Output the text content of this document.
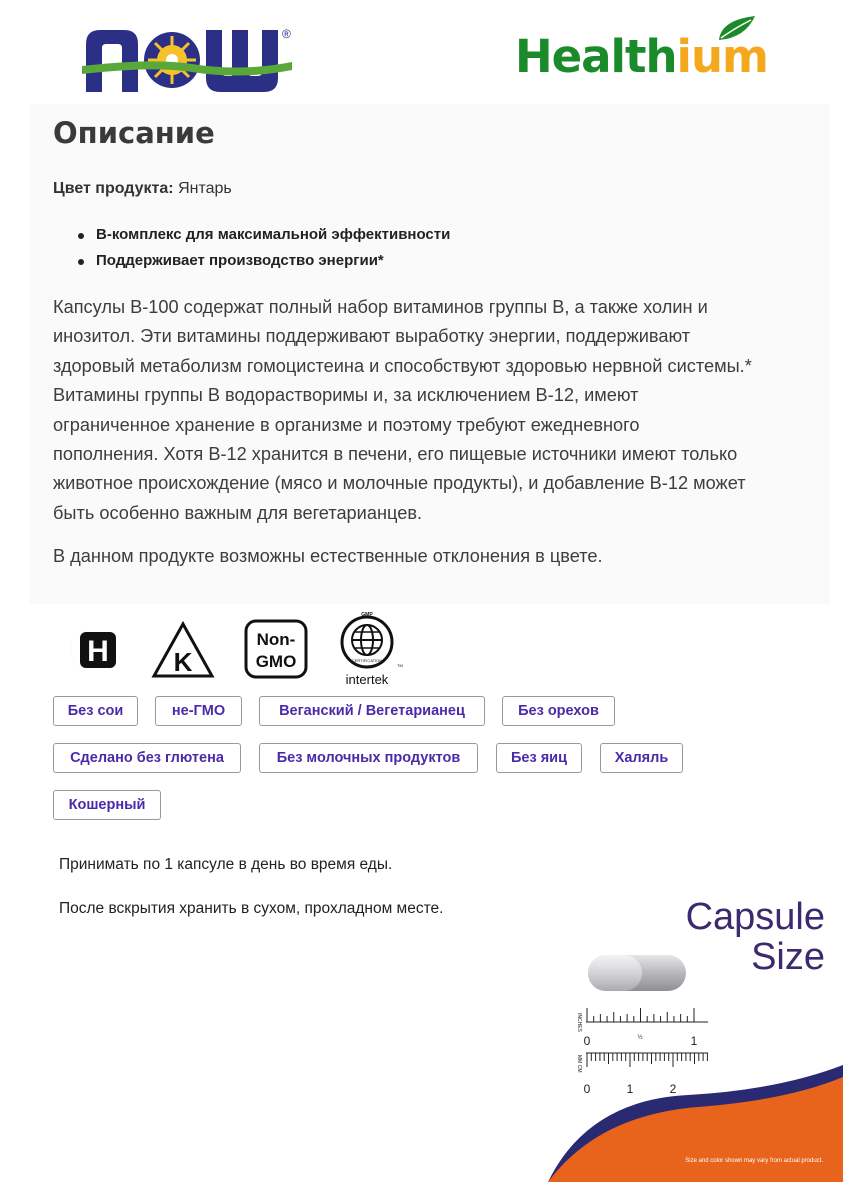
®	Healthium
Описание
Цвет продукта: Янтарь
B-комплекс для максимальной эффективности
Поддерживает производство энергии*
Капсулы B-100 содержат полный набор витаминов группы B, а также холин и
инозитол. Эти витамины поддерживают выработку энергии, поддерживают
здоровый метаболизм гомоцистеина и способствуют здоровью нервной системы.*
Витамины группы B водорастворимы и, за исключением B-12, имеют
ограниченное хранение в организме и поэтому требуют ежедневного
пополнения. Хотя B-12 хранится в печени, его пищевые источники имеют только
животное происхождение (мясо и молочные продукты), и добавление B-12 может
быть особенно важным для вегетарианцев.
В данном продукте возможны естественные отклонения в цвете.
H K
Non-
GMO
GMP
CERTIFICATION
TM
intertek
Без сои	не-ГМО	Веганский / Вегетарианец	Без орехов
Сделано без глютена	Без молочных продуктов	Без яиц	Халяль
Кошерный
Принимать по 1 капсуле в день во время еды.
После вскрытия хранить в сухом, прохладном месте.
INCHES
0	½	1
MM CM
0	1	2
Capsule
Size
Size and color shown may vary from actual product.
